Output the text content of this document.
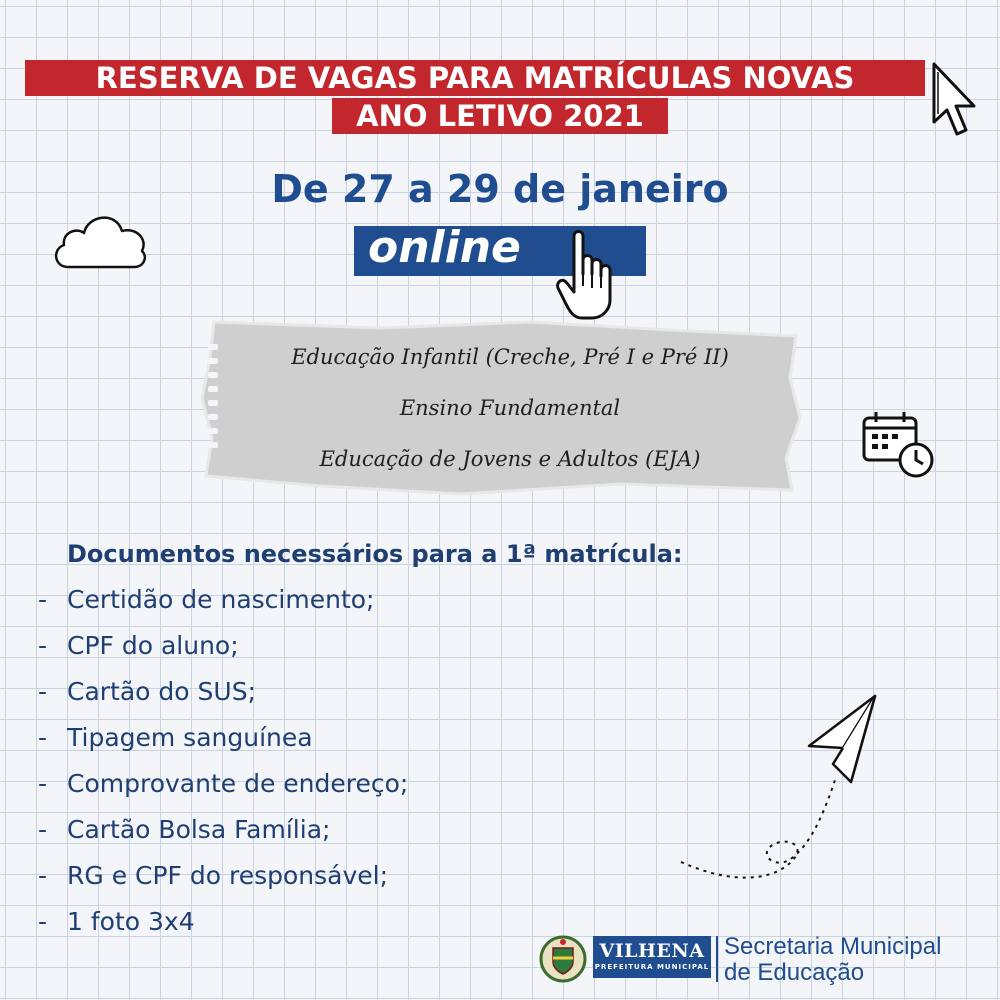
RESERVA DE VAGAS PARA MATRÍCULAS NOVAS
ANO LETIVO 2021
De 27 a 29 de janeiro
online
Educação Infantil (Creche, Pré I e Pré II)
Ensino Fundamental
Educação de Jovens e Adultos (EJA)
Documentos necessários para a 1ª matrícula:
- Certidão de nascimento;
- CPF do aluno;
- Cartão do SUS;
- Tipagem sanguínea
- Comprovante de endereço;
- Cartão Bolsa Família;
- RG e CPF do responsável;
- 1 foto 3x4
VILHENA
PREFEITURA MUNICIPAL
Secretaria Municipal
de Educação
